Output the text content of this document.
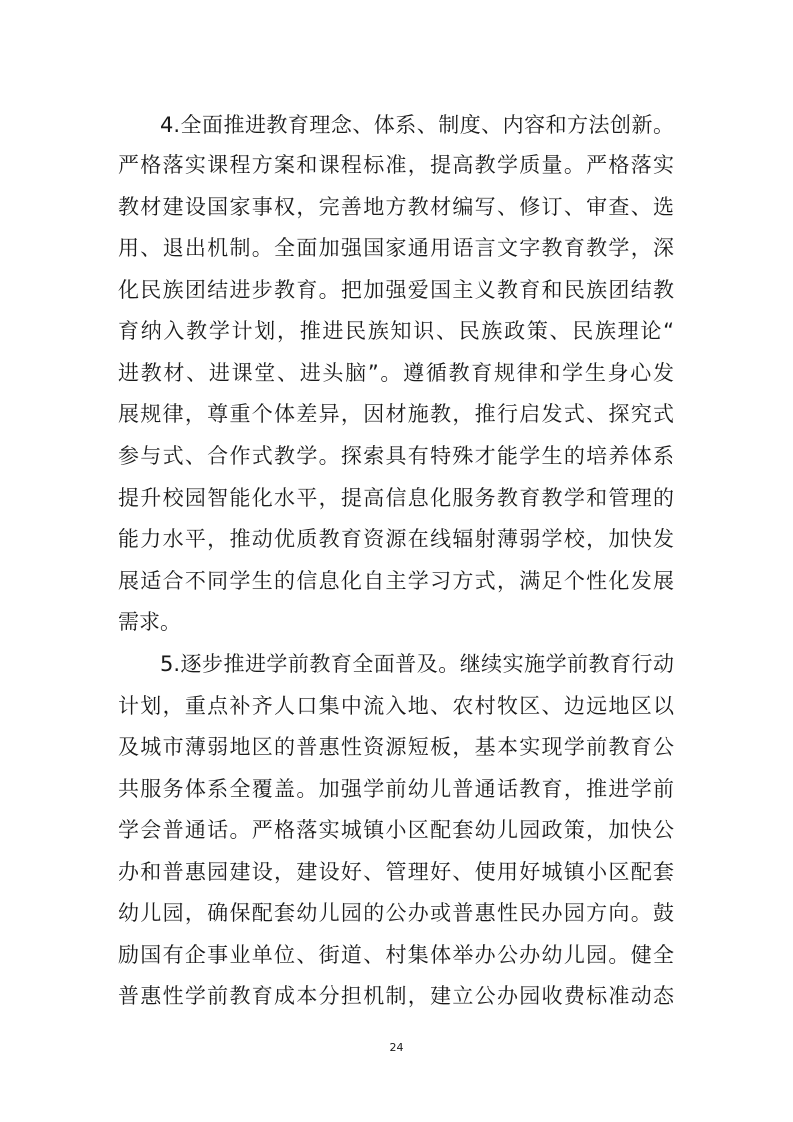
4.全面推进教育理念、体系、制度、内容和方法创新。
严格落实课程方案和课程标准，提高教学质量。严格落实
教材建设国家事权，完善地方教材编写、修订、审查、选
用、退出机制。全面加强国家通用语言文字教育教学，深
化民族团结进步教育。把加强爱国主义教育和民族团结教
育纳入教学计划，推进民族知识、民族政策、民族理论“
进教材、进课堂、进头脑”。遵循教育规律和学生身心发
展规律，尊重个体差异，因材施教，推行启发式、探究式
参与式、合作式教学。探索具有特殊才能学生的培养体系
提升校园智能化水平，提高信息化服务教育教学和管理的
能力水平，推动优质教育资源在线辐射薄弱学校，加快发
展适合不同学生的信息化自主学习方式，满足个性化发展
需求。
5.逐步推进学前教育全面普及。继续实施学前教育行动
计划，重点补齐人口集中流入地、农村牧区、边远地区以
及城市薄弱地区的普惠性资源短板，基本实现学前教育公
共服务体系全覆盖。加强学前幼儿普通话教育，推进学前
学会普通话。严格落实城镇小区配套幼儿园政策，加快公
办和普惠园建设，建设好、管理好、使用好城镇小区配套
幼儿园，确保配套幼儿园的公办或普惠性民办园方向。鼓
励国有企事业单位、街道、村集体举办公办幼儿园。健全
普惠性学前教育成本分担机制，建立公办园收费标准动态
24
